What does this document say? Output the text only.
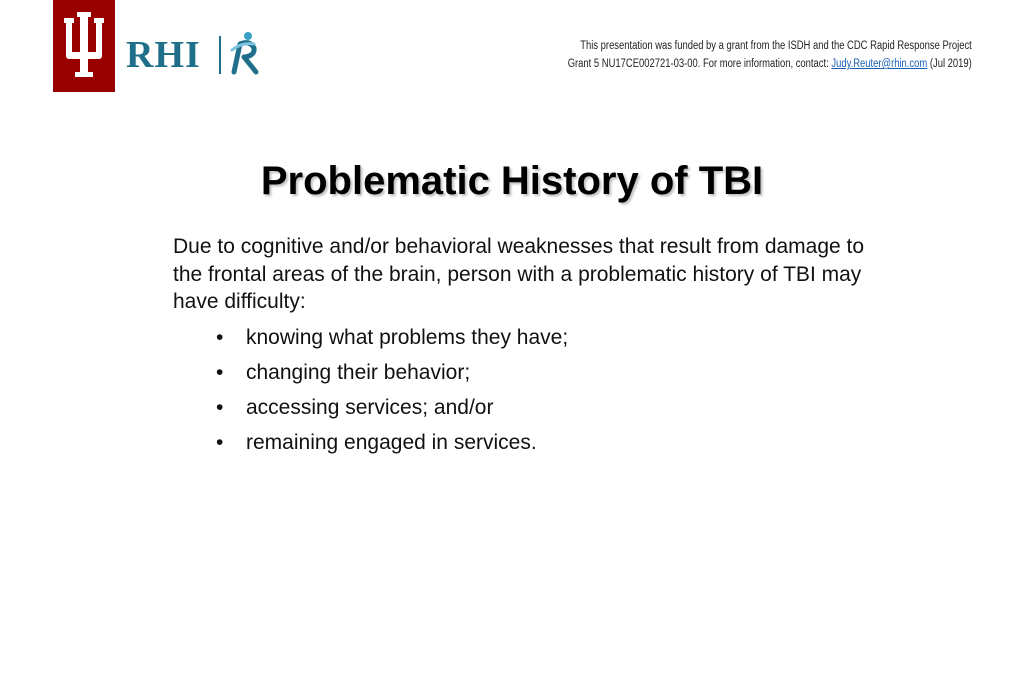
RHI	This presentation was funded by a grant from the ISDH and the CDC Rapid Response Project
Grant 5 NU17CE002721-03-00. For more information, contact: Judy.Reuter@rhin.com (Jul 2019)
Problematic History of TBI

Due to cognitive and/or behavioral weaknesses that result from damage to the frontal areas of the brain, person with a problematic history of TBI may have difficulty:

•	knowing what problems they have;
•	changing their behavior;
•	accessing services; and/or
•	remaining engaged in services.
